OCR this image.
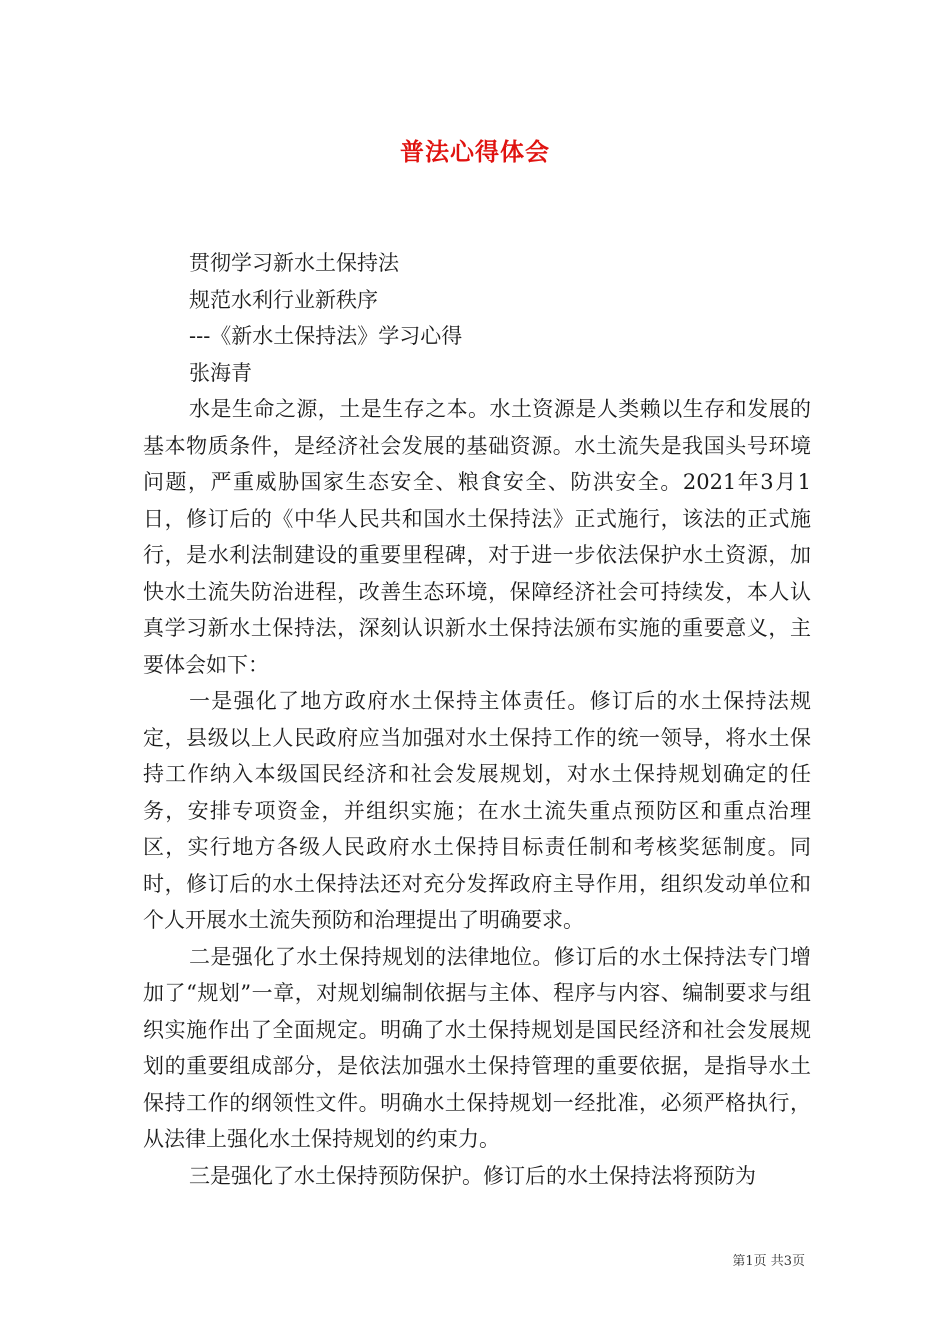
普法心得体会

贯彻学习新水土保持法

规范水利行业新秩序

---《新水土保持法》学习心得

张海青

水是生命之源，土是生存之本。水土资源是人类赖以生存和发展的基本物质条件，是经济社会发展的基础资源。水土流失是我国头号环境问题，严重威胁国家生态安全、粮食安全、防洪安全。2021年3月1日，修订后的《中华人民共和国水土保持法》正式施行，该法的正式施行，是水利法制建设的重要里程碑，对于进一步依法保护水土资源，加快水土流失防治进程，改善生态环境，保障经济社会可持续发，本人认真学习新水土保持法，深刻认识新水土保持法颁布实施的重要意义，主要体会如下：

一是强化了地方政府水土保持主体责任。修订后的水土保持法规定，县级以上人民政府应当加强对水土保持工作的统一领导，将水土保持工作纳入本级国民经济和社会发展规划，对水土保持规划确定的任务，安排专项资金，并组织实施；在水土流失重点预防区和重点治理区，实行地方各级人民政府水土保持目标责任制和考核奖惩制度。同时，修订后的水土保持法还对充分发挥政府主导作用，组织发动单位和个人开展水土流失预防和治理提出了明确要求。

二是强化了水土保持规划的法律地位。修订后的水土保持法专门增加了“规划”一章，对规划编制依据与主体、程序与内容、编制要求与组织实施作出了全面规定。明确了水土保持规划是国民经济和社会发展规划的重要组成部分，是依法加强水土保持管理的重要依据，是指导水土保持工作的纲领性文件。明确水土保持规划一经批准，必须严格执行，从法律上强化水土保持规划的约束力。

三是强化了水土保持预防保护。修订后的水土保持法将预防为

第1页 共3页
